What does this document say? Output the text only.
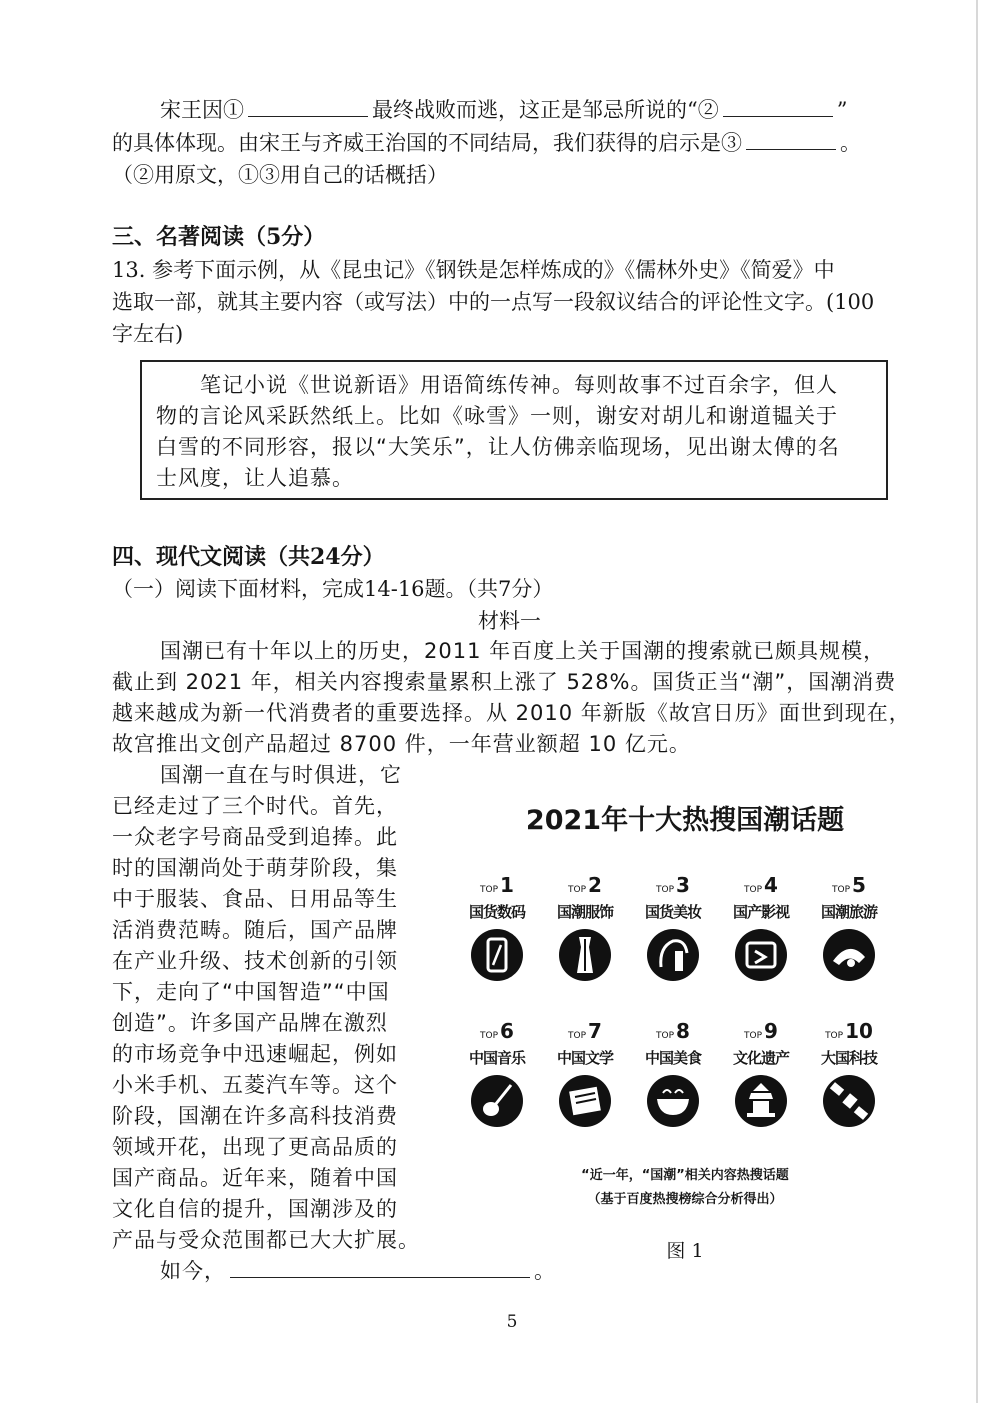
宋王因①	最终战败而逃，这正是邹忌所说的“②	”
的具体体现。由宋王与齐威王治国的不同结局，我们获得的启示是③	。
（②用原文，①③用自己的话概括）
三、名著阅读（5分）
13. 参考下面示例，从《昆虫记》《钢铁是怎样炼成的》《儒林外史》《简爱》中
选取一部，就其主要内容（或写法）中的一点写一段叙议结合的评论性文字。(100
字左右)
笔记小说《世说新语》用语简练传神。每则故事不过百余字，但人
物的言论风采跃然纸上。比如《咏雪》一则，谢安对胡儿和谢道韫关于
白雪的不同形容，报以“大笑乐”，让人仿佛亲临现场，见出谢太傅的名
士风度，让人追慕。
四、现代文阅读（共24分）
（一）阅读下面材料，完成14-16题。（共7分）
材料一
国潮已有十年以上的历史，2011 年百度上关于国潮的搜索就已颇具规模，
截止到 2021 年，相关内容搜索量累积上涨了 528%。国货正当“潮”，国潮消费
越来越成为新一代消费者的重要选择。从 2010 年新版《故宫日历》面世到现在，
故宫推出文创产品超过 8700 件，一年营业额超 10 亿元。
国潮一直在与时俱进，它
已经走过了三个时代。首先，
一众老字号商品受到追捧。此
时的国潮尚处于萌芽阶段，集
中于服装、食品、日用品等生
活消费范畴。随后，国产品牌
在产业升级、技术创新的引领
下，走向了“中国智造”“中国
创造”。许多国产品牌在激烈
的市场竞争中迅速崛起，例如
小米手机、五菱汽车等。这个
阶段，国潮在许多高科技消费
领域开花，出现了更高品质的
国产商品。近年来，随着中国
文化自信的提升，国潮涉及的
产品与受众范围都已大大扩展。
如今，	。
2021年十大热搜国潮话题
TOP 1
国货数码
TOP 2
国潮服饰
TOP 3
国货美妆
TOP 4
国产影视
TOP 5
国潮旅游
TOP 6
中国音乐
TOP 7
中国文学
TOP 8
中国美食
TOP 9
文化遗产
TOP 10
大国科技
“近一年，“国潮”相关内容热搜话题
（基于百度热搜榜综合分析得出）
图 1
5
